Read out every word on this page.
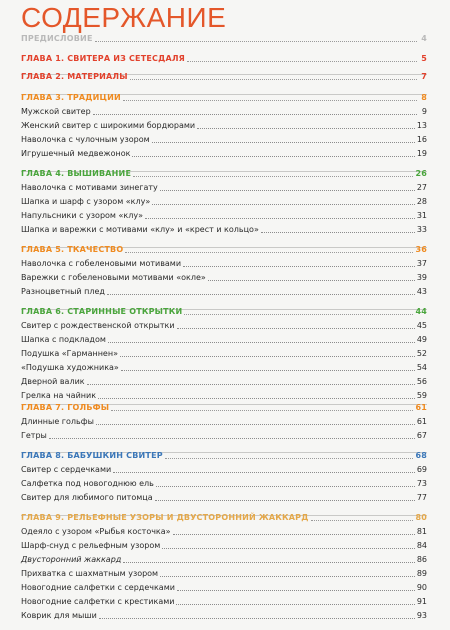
СОДЕРЖАНИЕ
ПРЕДИСЛОВИЕ	4
ГЛАВА 1. СВИТЕРА ИЗ СЕТЕСДАЛЯ	5
ГЛАВА 2. МАТЕРИАЛЫ	7
ГЛАВА 3. ТРАДИЦИИ	8
Мужской свитер	9
Женский свитер с широкими бордюрами	13
Наволочка с чулочным узором	16
Игрушечный медвежонок	19
ГЛАВА 4. ВЫШИВАНИЕ	26
Наволочка с мотивами зинегату	27
Шапка и шарф с узором «клу»	28
Напульсники с узором «клу»	31
Шапка и варежки с мотивами «клу» и «крест и кольцо»	33
ГЛАВА 5. ТКАЧЕСТВО	36
Наволочка с гобеленовыми мотивами	37
Варежки с гобеленовыми мотивами «окле»	39
Разноцветный плед	43
ГЛАВА 6. СТАРИННЫЕ ОТКРЫТКИ	44
Свитер с рождественской открытки	45
Шапка с подкладом	49
Подушка «Гарманнен»	52
«Подушка художника»	54
Дверной валик	56
Грелка на чайник	59
ГЛАВА 7. ГОЛЬФЫ	61
Длинные гольфы	61
Гетры	67
ГЛАВА 8. БАБУШКИН СВИТЕР	68
Свитер с сердечками	69
Салфетка под новогоднюю ель	73
Свитер для любимого питомца	77
ГЛАВА 9. РЕЛЬЕФНЫЕ УЗОРЫ И ДВУСТОРОННИЙ ЖАККАРД	80
Одеяло с узором «Рыбья косточка»	81
Шарф-снуд с рельефным узором	84
Двусторонний жаккард	86
Прихватка с шахматным узором	89
Новогодние салфетки с сердечками	90
Новогодние салфетки с крестиками	91
Коврик для мыши	93
